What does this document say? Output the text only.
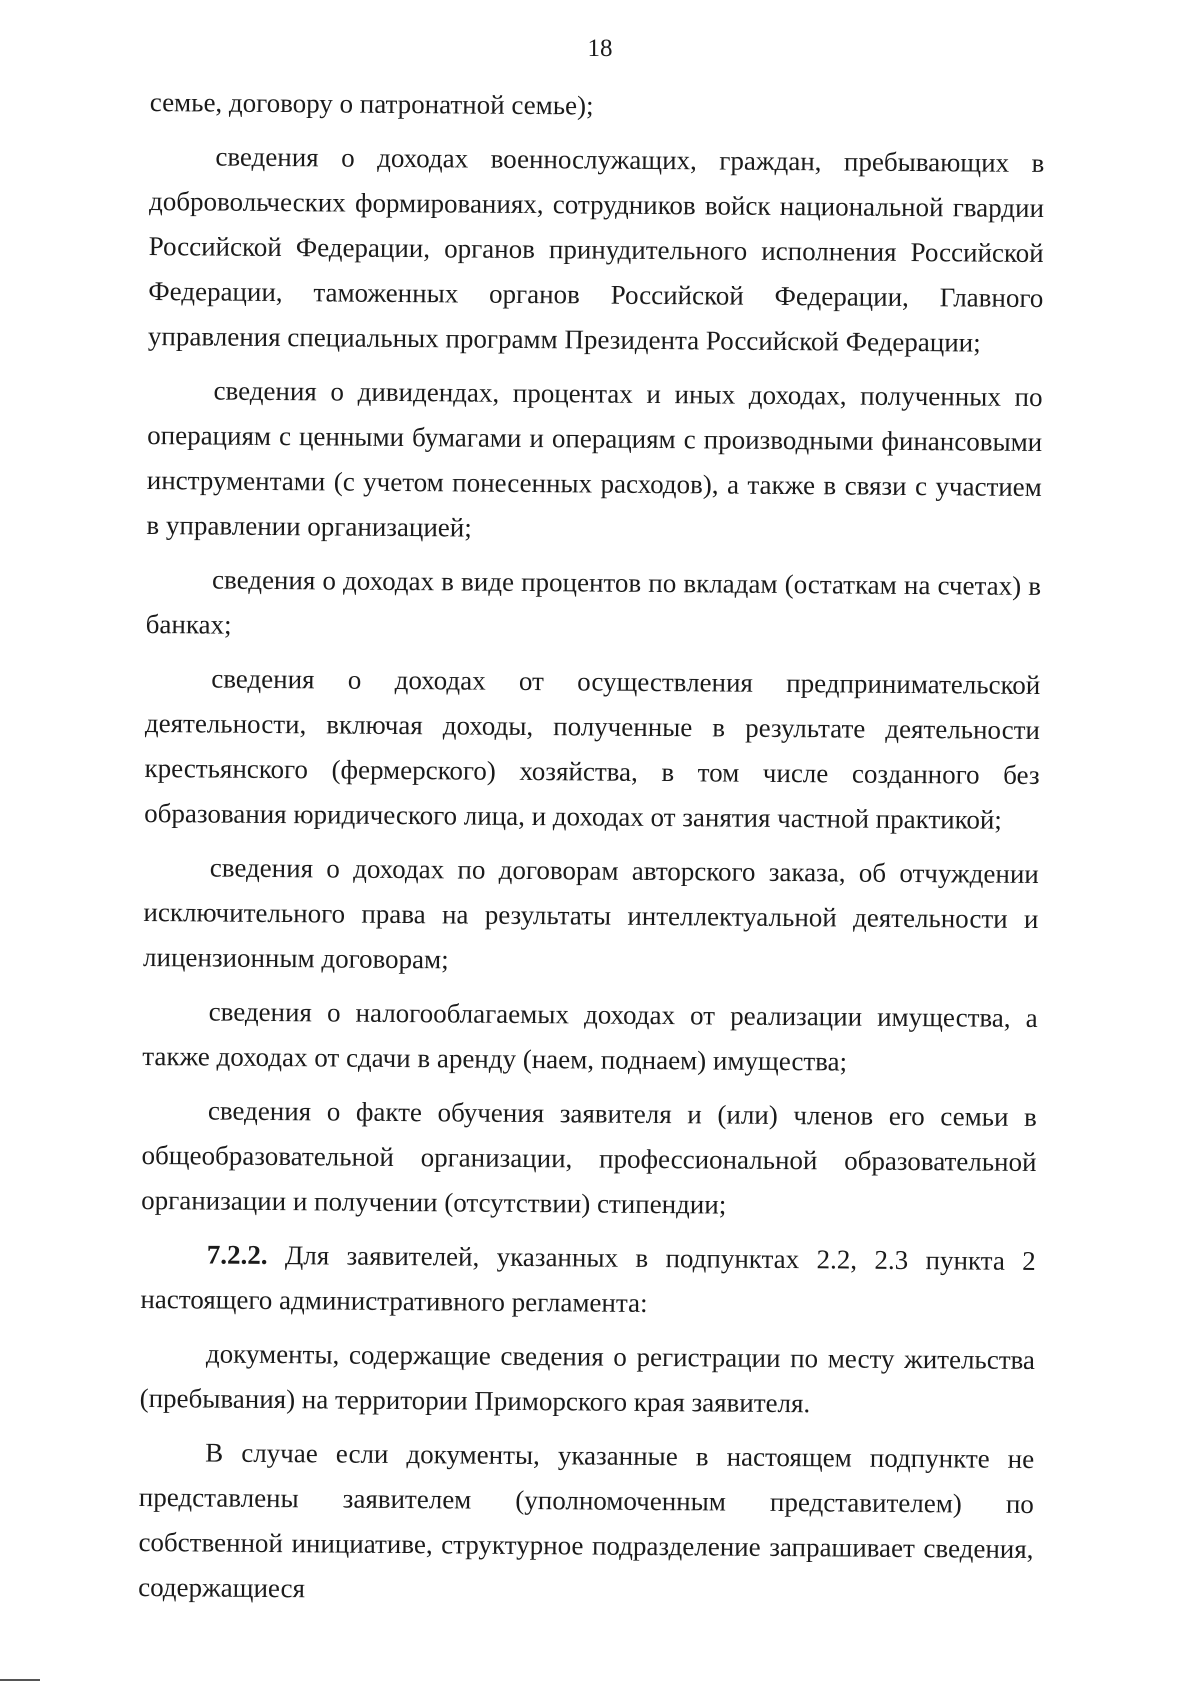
18

семье, договору о патронатной семье);

сведения о доходах военнослужащих, граждан, пребывающих в добровольческих формированиях, сотрудников войск национальной гвардии Российской Федерации, органов принудительного исполнения Российской Федерации, таможенных органов Российской Федерации, Главного управления специальных программ Президента Российской Федерации;

сведения о дивидендах, процентах и иных доходах, полученных по операциям с ценными бумагами и операциям с производными финансовыми инструментами (с учетом понесенных расходов), а также в связи с участием в управлении организацией;

сведения о доходах в виде процентов по вкладам (остаткам на счетах) в банках;

сведения о доходах от осуществления предпринимательской деятельности, включая доходы, полученные в результате деятельности крестьянского (фермерского) хозяйства, в том числе созданного без образования юридического лица, и доходах от занятия частной практикой;

сведения о доходах по договорам авторского заказа, об отчуждении исключительного права на результаты интеллектуальной деятельности и лицензионным договорам;

сведения о налогооблагаемых доходах от реализации имущества, а также доходах от сдачи в аренду (наем, поднаем) имущества;

сведения о факте обучения заявителя и (или) членов его семьи в общеобразовательной организации, профессиональной образовательной организации и получении (отсутствии) стипендии;

7.2.2. Для заявителей, указанных в подпунктах 2.2, 2.3 пункта 2 настоящего административного регламента:

документы, содержащие сведения о регистрации по месту жительства (пребывания) на территории Приморского края заявителя.

В случае если документы, указанные в настоящем подпункте не представлены заявителем (уполномоченным представителем) по собственной инициативе, структурное подразделение запрашивает сведения, содержащиеся
